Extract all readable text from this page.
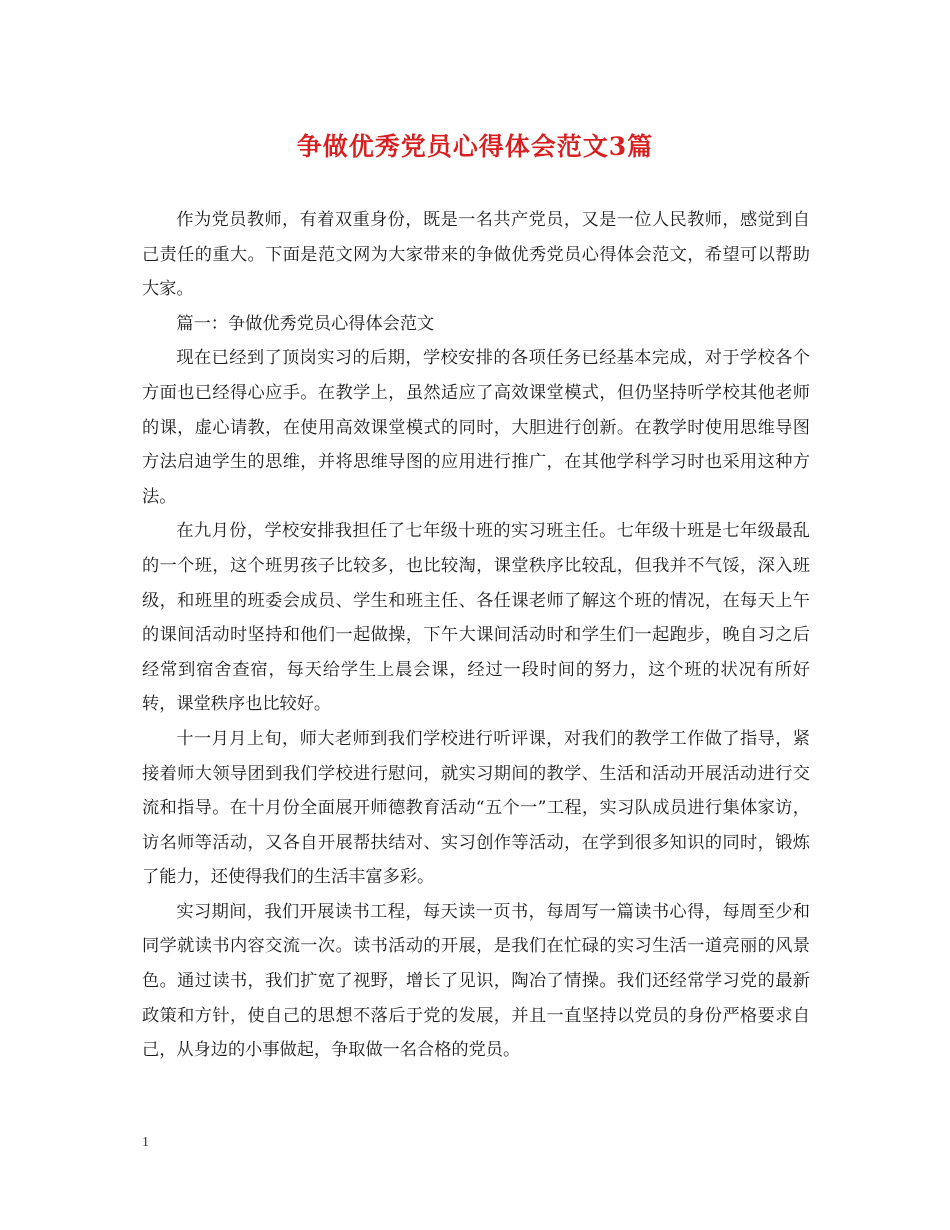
争做优秀党员心得体会范文3篇

作为党员教师，有着双重身份，既是一名共产党员，又是一位人民教师，感觉到自己责任的重大。下面是范文网为大家带来的争做优秀党员心得体会范文，希望可以帮助大家。

篇一：争做优秀党员心得体会范文

现在已经到了顶岗实习的后期，学校安排的各项任务已经基本完成，对于学校各个方面也已经得心应手。在教学上，虽然适应了高效课堂模式，但仍坚持听学校其他老师的课，虚心请教，在使用高效课堂模式的同时，大胆进行创新。在教学时使用思维导图方法启迪学生的思维，并将思维导图的应用进行推广，在其他学科学习时也采用这种方法。

在九月份，学校安排我担任了七年级十班的实习班主任。七年级十班是七年级最乱的一个班，这个班男孩子比较多，也比较淘，课堂秩序比较乱，但我并不气馁，深入班级，和班里的班委会成员、学生和班主任、各任课老师了解这个班的情况，在每天上午的课间活动时坚持和他们一起做操，下午大课间活动时和学生们一起跑步，晚自习之后经常到宿舍查宿，每天给学生上晨会课，经过一段时间的努力，这个班的状况有所好转，课堂秩序也比较好。

十一月月上旬，师大老师到我们学校进行听评课，对我们的教学工作做了指导，紧接着师大领导团到我们学校进行慰问，就实习期间的教学、生活和活动开展活动进行交流和指导。在十月份全面展开师德教育活动“五个一”工程，实习队成员进行集体家访，访名师等活动，又各自开展帮扶结对、实习创作等活动，在学到很多知识的同时，锻炼了能力，还使得我们的生活丰富多彩。

实习期间，我们开展读书工程，每天读一页书，每周写一篇读书心得，每周至少和同学就读书内容交流一次。读书活动的开展，是我们在忙碌的实习生活一道亮丽的风景色。通过读书，我们扩宽了视野，增长了见识，陶冶了情操。我们还经常学习党的最新政策和方针，使自己的思想不落后于党的发展，并且一直坚持以党员的身份严格要求自己，从身边的小事做起，争取做一名合格的党员。

1
